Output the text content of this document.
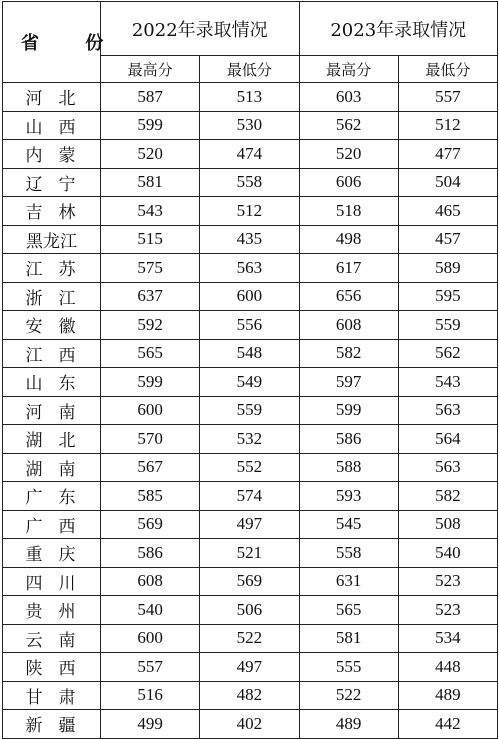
省 份	2022年录取情况		2023年录取情况	
	最高分	最低分	最高分	最低分
河北	587	513	603	557
山西	599	530	562	512
内蒙	520	474	520	477
辽宁	581	558	606	504
吉林	543	512	518	465
黑龙江	515	435	498	457
江苏	575	563	617	589
浙江	637	600	656	595
安徽	592	556	608	559
江西	565	548	582	562
山东	599	549	597	543
河南	600	559	599	563
湖北	570	532	586	564
湖南	567	552	588	563
广东	585	574	593	582
广西	569	497	545	508
重庆	586	521	558	540
四川	608	569	631	523
贵州	540	506	565	523
云南	600	522	581	534
陕西	557	497	555	448
甘肃	516	482	522	489
新疆	499	402	489	442
